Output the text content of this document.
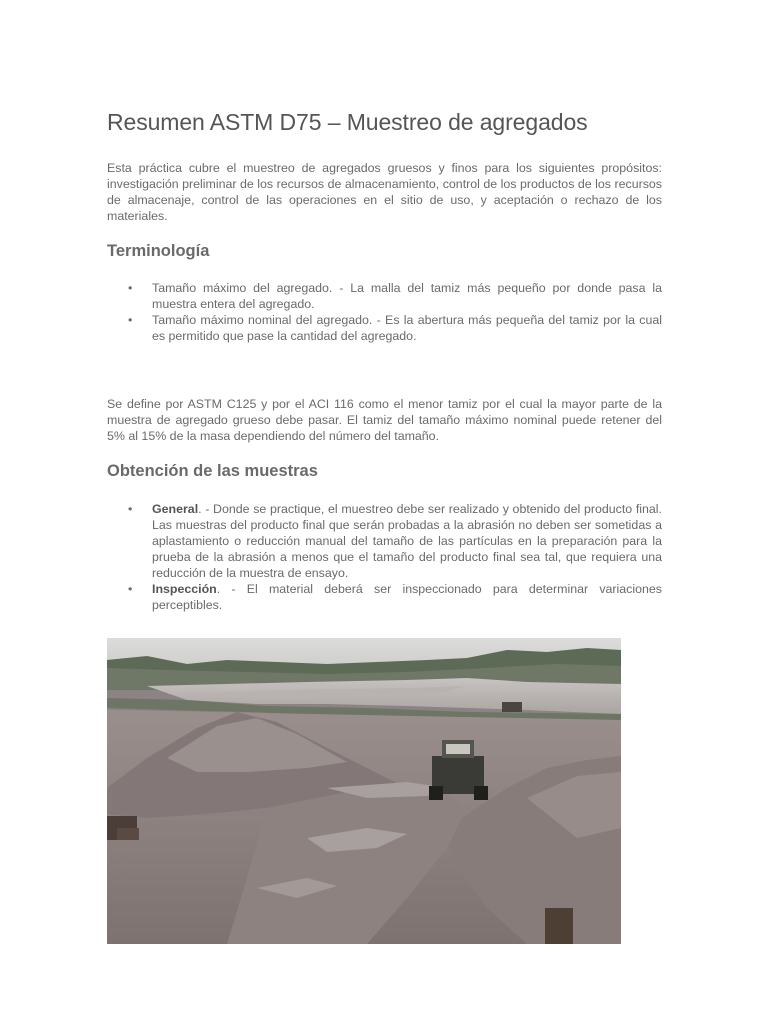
Resumen ASTM D75 – Muestreo de agregados

Esta práctica cubre el muestreo de agregados gruesos y finos para los siguientes propósitos: investigación preliminar de los recursos de almacenamiento, control de los productos de los recursos de almacenaje, control de las operaciones en el sitio de uso, y aceptación o rechazo de los materiales.

Terminología
• Tamaño máximo del agregado. - La malla del tamiz más pequeño por donde pasa la muestra entera del agregado.
• Tamaño máximo nominal del agregado. - Es la abertura más pequeña del tamiz por la cual es permitido que pase la cantidad del agregado.

Se define por ASTM C125 y por el ACI 116 como el menor tamiz por el cual la mayor parte de la muestra de agregado grueso debe pasar. El tamiz del tamaño máximo nominal puede retener del 5% al 15% de la masa dependiendo del número del tamaño.

Obtención de las muestras
• General. - Donde se practique, el muestreo debe ser realizado y obtenido del producto final. Las muestras del producto final que serán probadas a la abrasión no deben ser sometidas a aplastamiento o reducción manual del tamaño de las partículas en la preparación para la prueba de la abrasión a menos que el tamaño del producto final sea tal, que requiera una reducción de la muestra de ensayo.
• Inspección. - El material deberá ser inspeccionado para determinar variaciones perceptibles.
